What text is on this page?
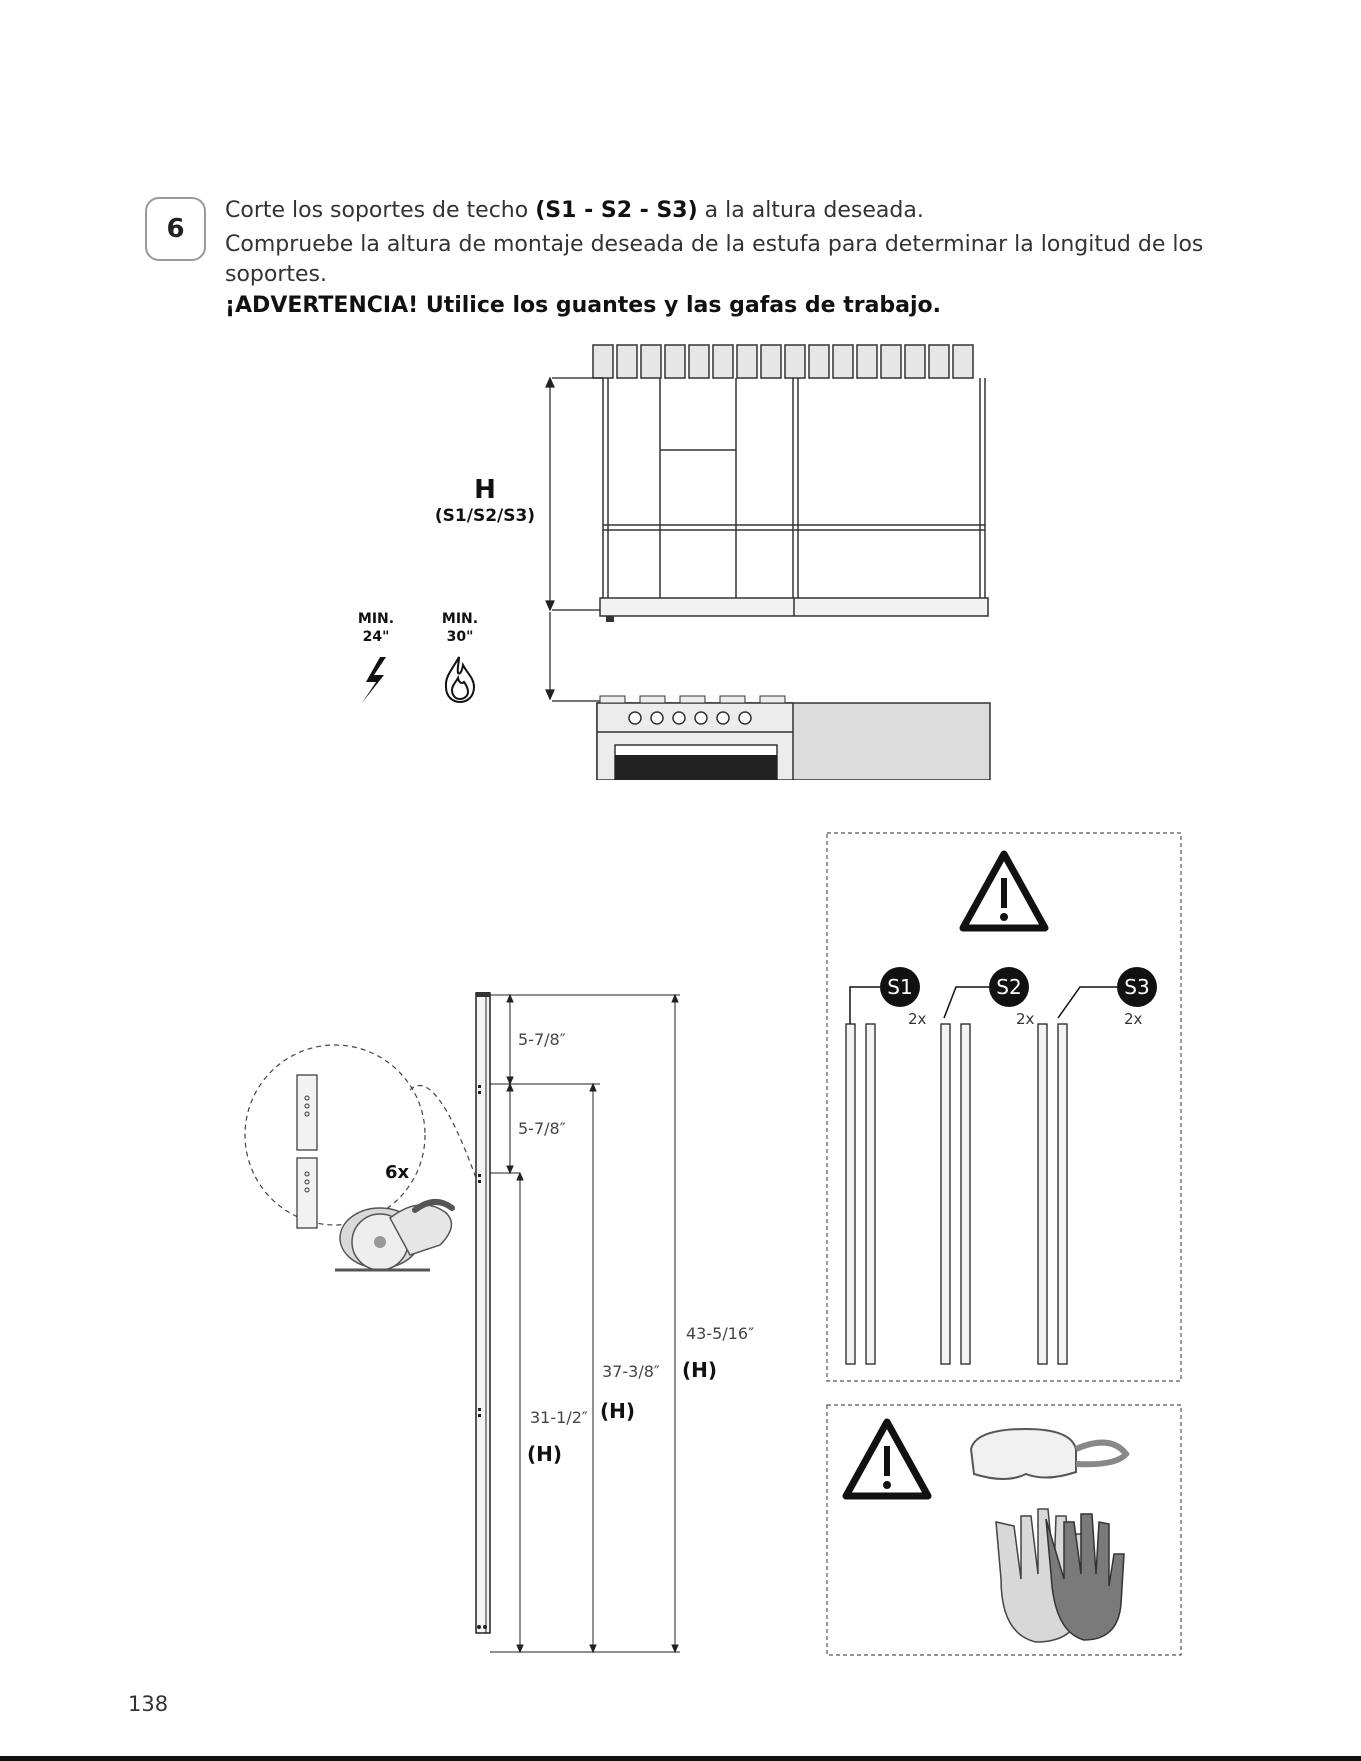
6
Corte los soportes de techo (S1 - S2 - S3) a la altura deseada.
Compruebe la altura de montaje deseada de la estufa para determinar la longitud de los soportes.
¡ADVERTENCIA! Utilice los guantes y las gafas de trabajo.
H
(S1/S2/S3)
MIN.
24"
MIN.
30"
5-7/8″
5-7/8″
31-1/2″
(H)
37-3/8″
(H)
43-5/16″
(H)
6x
S1
2x
S2
2x
S3
2x
138
